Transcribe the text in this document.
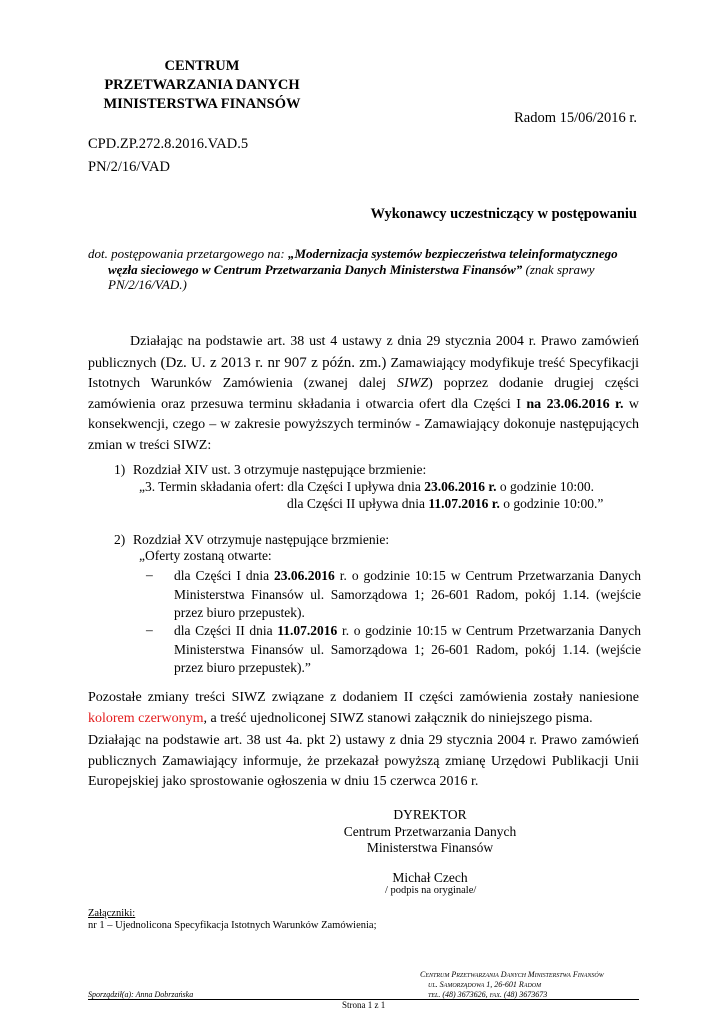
CENTRUM
PRZETWARZANIA DANYCH
MINISTERSTWA FINANSÓW
Radom 15/06/2016 r.
CPD.ZP.272.8.2016.VAD.5
PN/2/16/VAD
Wykonawcy uczestniczący w postępowaniu
dot. postępowania przetargowego na: „Modernizacja systemów bezpieczeństwa teleinformatycznego
węzła sieciowego w Centrum Przetwarzania Danych Ministerstwa Finansów” (znak sprawy
PN/2/16/VAD.)
Działając na podstawie art. 38 ust 4 ustawy z dnia 29 stycznia 2004 r. Prawo zamówień publicznych (Dz. U. z 2013 r. nr 907 z późn. zm.) Zamawiający modyfikuje treść Specyfikacji Istotnych Warunków Zamówienia (zwanej dalej SIWZ) poprzez dodanie drugiej części zamówienia oraz przesuwa terminu składania i otwarcia ofert dla Części I na 23.06.2016 r. w konsekwencji, czego – w zakresie powyższych terminów - Zamawiający dokonuje następujących zmian w treści SIWZ:
1) Rozdział XIV ust. 3 otrzymuje następujące brzmienie:
„3. Termin składania ofert: dla Części I upływa dnia 23.06.2016 r. o godzinie 10:00.
dla Części II upływa dnia 11.07.2016 r. o godzinie 10:00.”
2) Rozdział XV otrzymuje następujące brzmienie:
„Oferty zostaną otwarte:
– dla Części I dnia 23.06.2016 r. o godzinie 10:15 w Centrum Przetwarzania Danych Ministerstwa Finansów ul. Samorządowa 1; 26-601 Radom, pokój 1.14. (wejście przez biuro przepustek).
– dla Części II dnia 11.07.2016 r. o godzinie 10:15 w Centrum Przetwarzania Danych Ministerstwa Finansów ul. Samorządowa 1; 26-601 Radom, pokój 1.14. (wejście przez biuro przepustek).”
Pozostałe zmiany treści SIWZ związane z dodaniem II części zamówienia zostały naniesione kolorem czerwonym, a treść ujednoliconej SIWZ stanowi załącznik do niniejszego pisma.
Działając na podstawie art. 38 ust 4a. pkt 2) ustawy z dnia 29 stycznia 2004 r. Prawo zamówień publicznych Zamawiający informuje, że przekazał powyższą zmianę Urzędowi Publikacji Unii Europejskiej jako sprostowanie ogłoszenia w dniu 15 czerwca 2016 r.
DYREKTOR
Centrum Przetwarzania Danych
Ministerstwa Finansów
Michał Czech
/ podpis na oryginale/
Załączniki:
nr 1 – Ujednolicona Specyfikacja Istotnych Warunków Zamówienia;
Centrum Przetwarzania Danych Ministerstwa Finansów
ul. Samorządowa 1, 26-601 Radom
Sporządził(a): Anna Dobrzańska	tel. (48) 3673626, fax. (48) 3673673
Strona 1 z 1
